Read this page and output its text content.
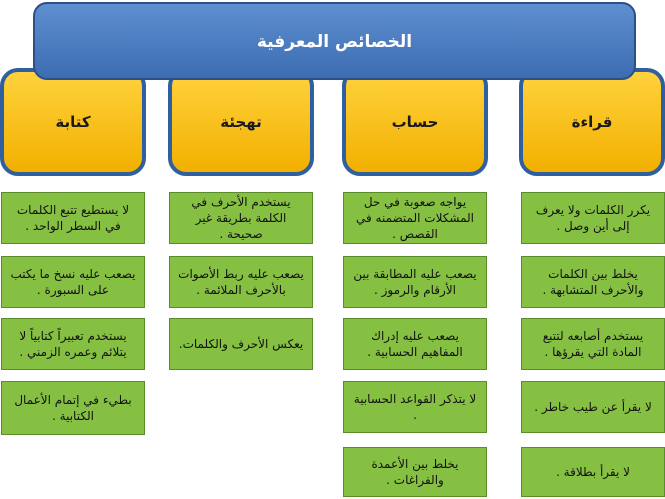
الخصائص المعرفية
قراءة
يكرر الكلمات ولا يعرف إلى أين وصل .
يخلط بين الكلمات والأحرف المتشابهة .
يستخدم أصابعه لتتبع المادة التي يقرؤها .
لا يقرأ عن طيب خاطر .
لا يقرأ بطلاقة .
حساب
يواجه صعوبة في حل المشكلات المتضمنه في القصص .
يصعب عليه المطابقة بين الأرقام والرموز .
يصعب عليه إدراك المفاهيم الحسابية .
لا يتذكر القواعد الحسابية .
يخلط بين الأعمدة والفراغات .
تهجئة
يستخدم الأحرف في الكلمة بطريقة غير صحيحة .
يصعب عليه ربط الأصوات بالأحرف الملائمة .
يعكس الأحرف والكلمات.
كتابة
لا يستطيع تتبع الكلمات في السطر الواحد .
يصعب عليه نسخ ما يكتب على السبورة .
يستخدم تعبيراً كتابياً لا يتلائم وعمره الزمني .
بطيء في إتمام الأعمال الكتابية .
